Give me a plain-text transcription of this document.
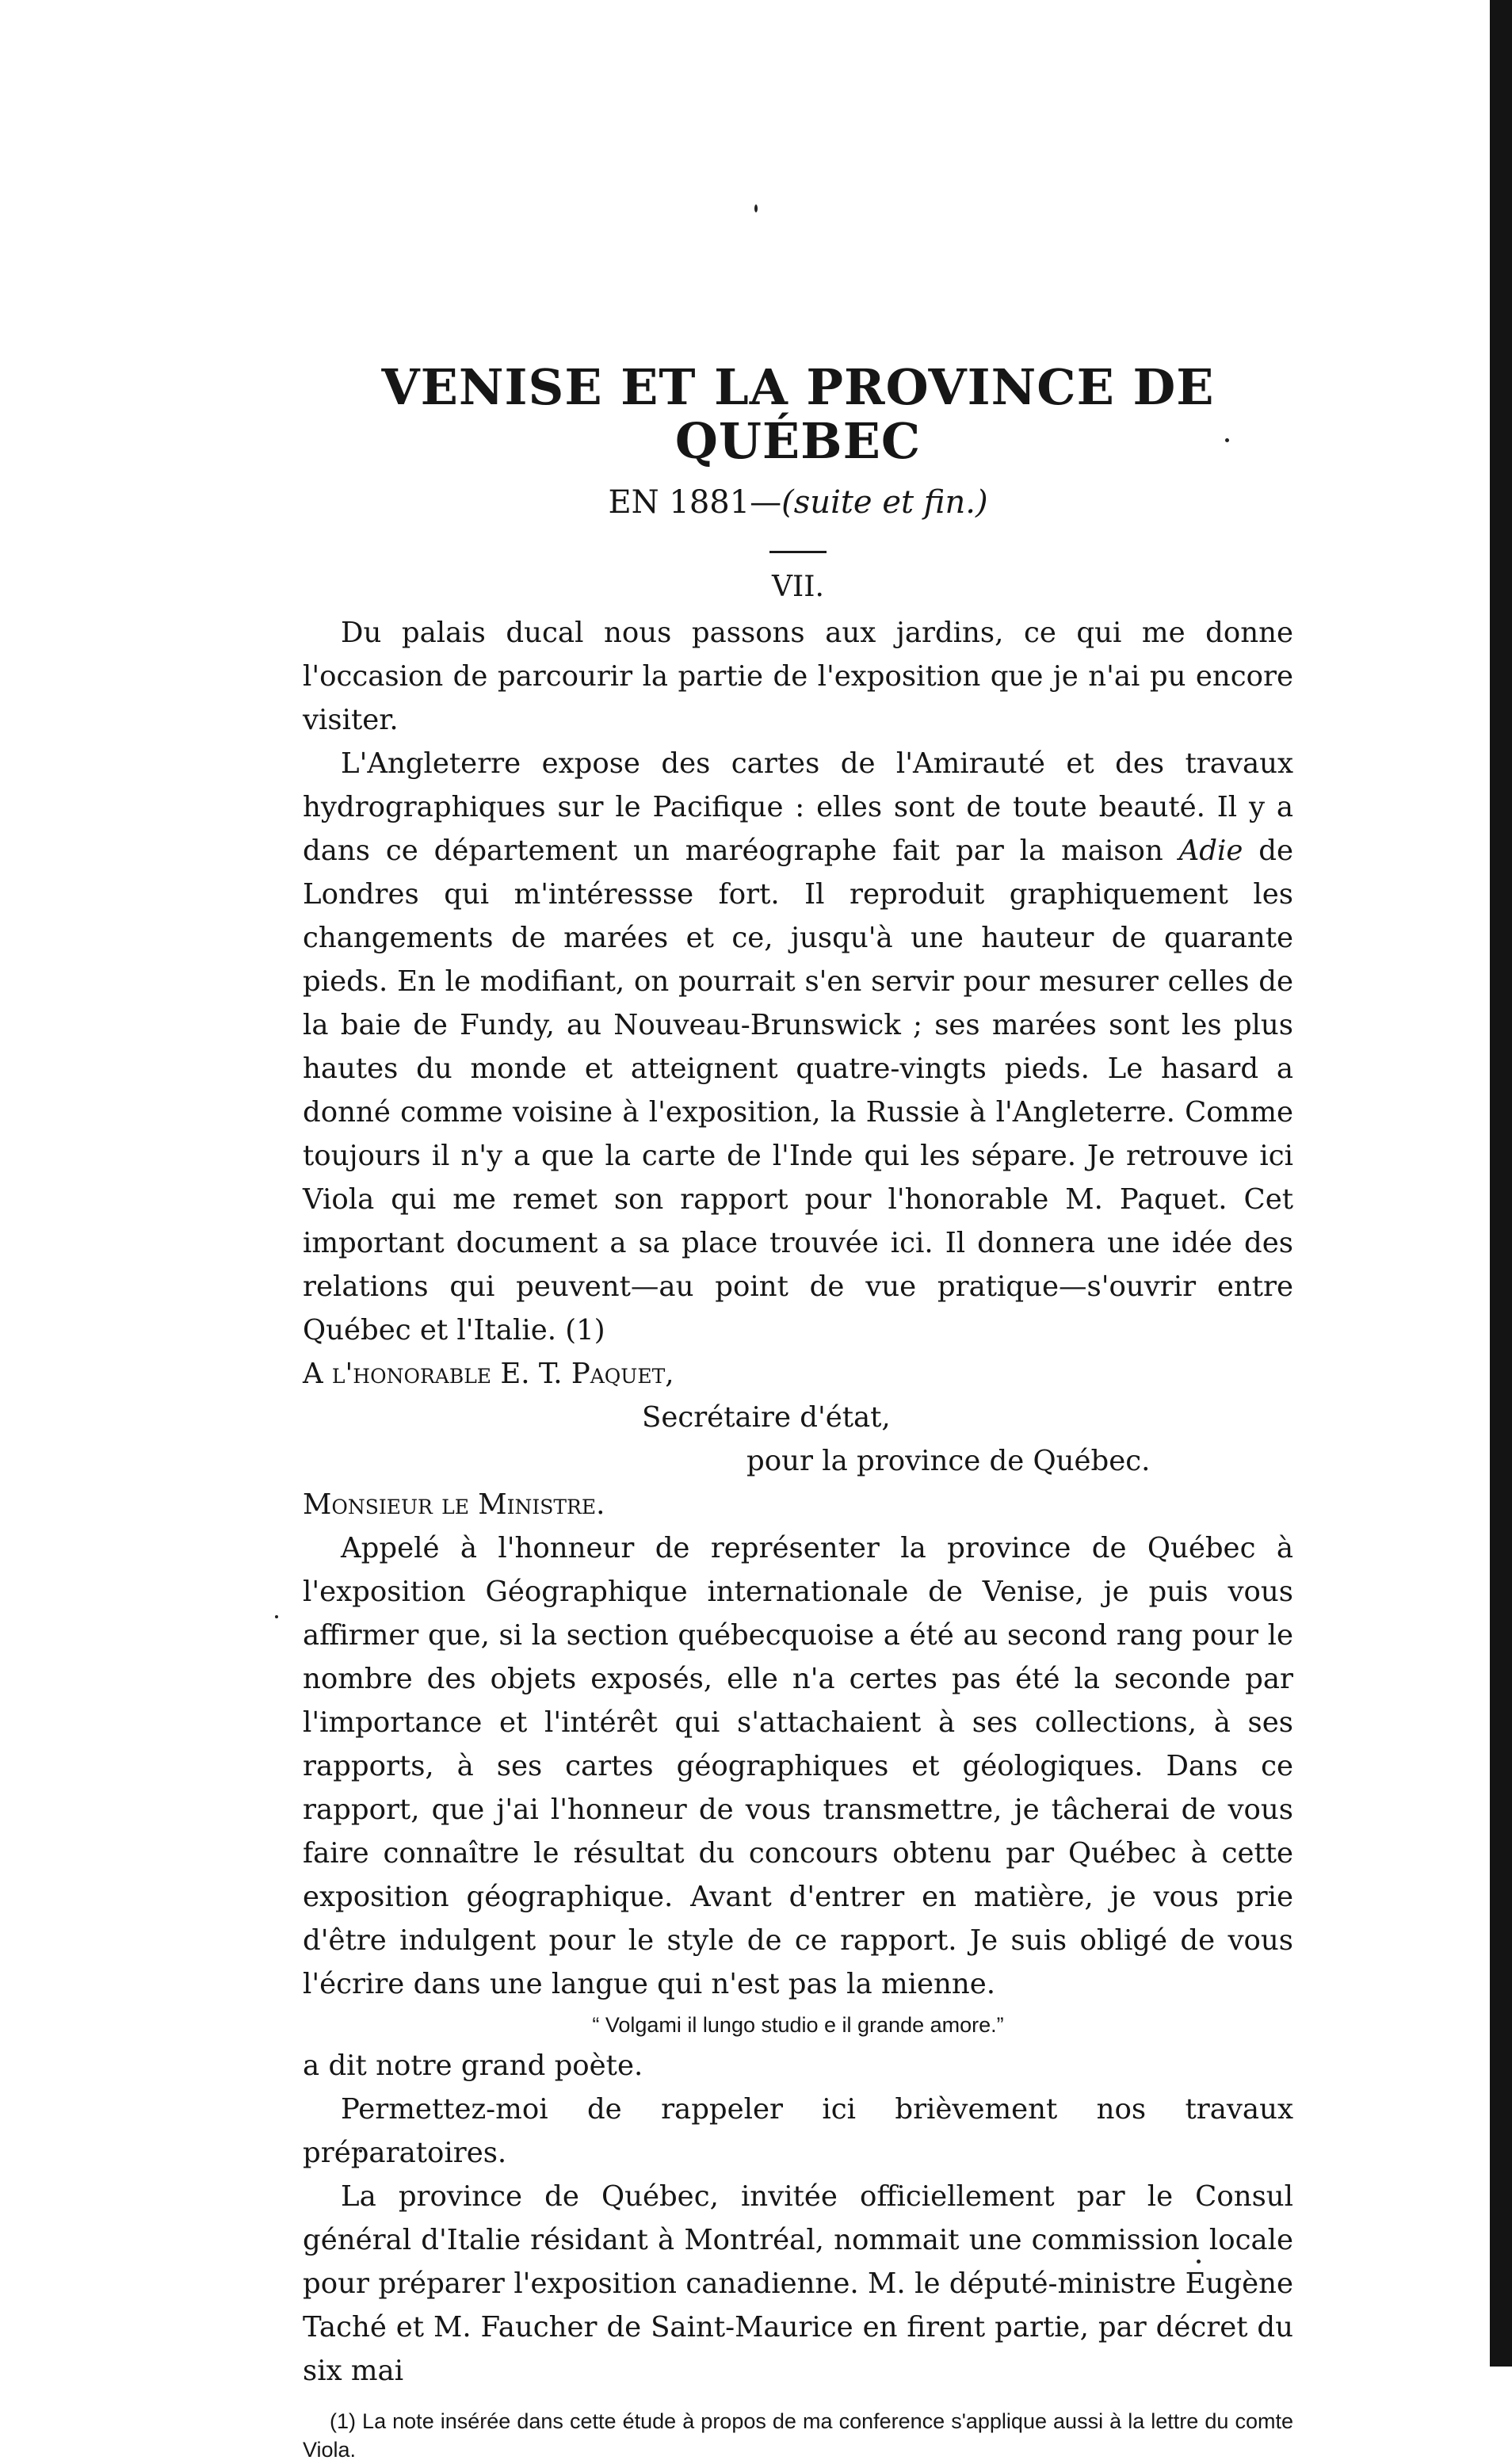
VENISE ET LA PROVINCE DE QUÉBEC

EN 1881—(suite et fin.)

VII.

Du palais ducal nous passons aux jardins, ce qui me donne l'occasion de parcourir la partie de l'exposition que je n'ai pu encore visiter.

L'Angleterre expose des cartes de l'Amirauté et des travaux hydrographiques sur le Pacifique : elles sont de toute beauté. Il y a dans ce département un maréographe fait par la maison Adie de Londres qui m'intéressse fort. Il reproduit graphiquement les changements de marées et ce, jusqu'à une hauteur de quarante pieds. En le modifiant, on pourrait s'en servir pour mesurer celles de la baie de Fundy, au Nouveau-Brunswick ; ses marées sont les plus hautes du monde et atteignent quatre-vingts pieds. Le hasard a donné comme voisine à l'exposition, la Russie à l'Angleterre. Comme toujours il n'y a que la carte de l'Inde qui les sépare. Je retrouve ici Viola qui me remet son rapport pour l'honorable M. Paquet. Cet important document a sa place trouvée ici. Il donnera une idée des relations qui peuvent—au point de vue pratique—s'ouvrir entre Québec et l'Italie. (1)

A l'honorable E. T. Paquet,

Secrétaire d'état,

pour la province de Québec.

Monsieur le Ministre.

Appelé à l'honneur de représenter la province de Québec à l'exposition Géographique internationale de Venise, je puis vous affirmer que, si la section québecquoise a été au second rang pour le nombre des objets exposés, elle n'a certes pas été la seconde par l'importance et l'intérêt qui s'attachaient à ses collections, à ses rapports, à ses cartes géographiques et géologiques. Dans ce rapport, que j'ai l'honneur de vous transmettre, je tâcherai de vous faire connaître le résultat du concours obtenu par Québec à cette exposition géographique. Avant d'entrer en matière, je vous prie d'être indulgent pour le style de ce rapport. Je suis obligé de vous l'écrire dans une langue qui n'est pas la mienne.

“ Volgami il lungo studio e il grande amore.”

a dit notre grand poète.

Permettez-moi de rappeler ici brièvement nos travaux préparatoires.

La province de Québec, invitée officiellement par le Consul général d'Italie résidant à Montréal, nommait une commission locale pour préparer l'exposition canadienne. M. le député-ministre Eugène Taché et M. Faucher de Saint-Maurice en firent partie, par décret du six mai

(1) La note insérée dans cette étude à propos de ma conference s'applique aussi à la lettre du comte Viola.
